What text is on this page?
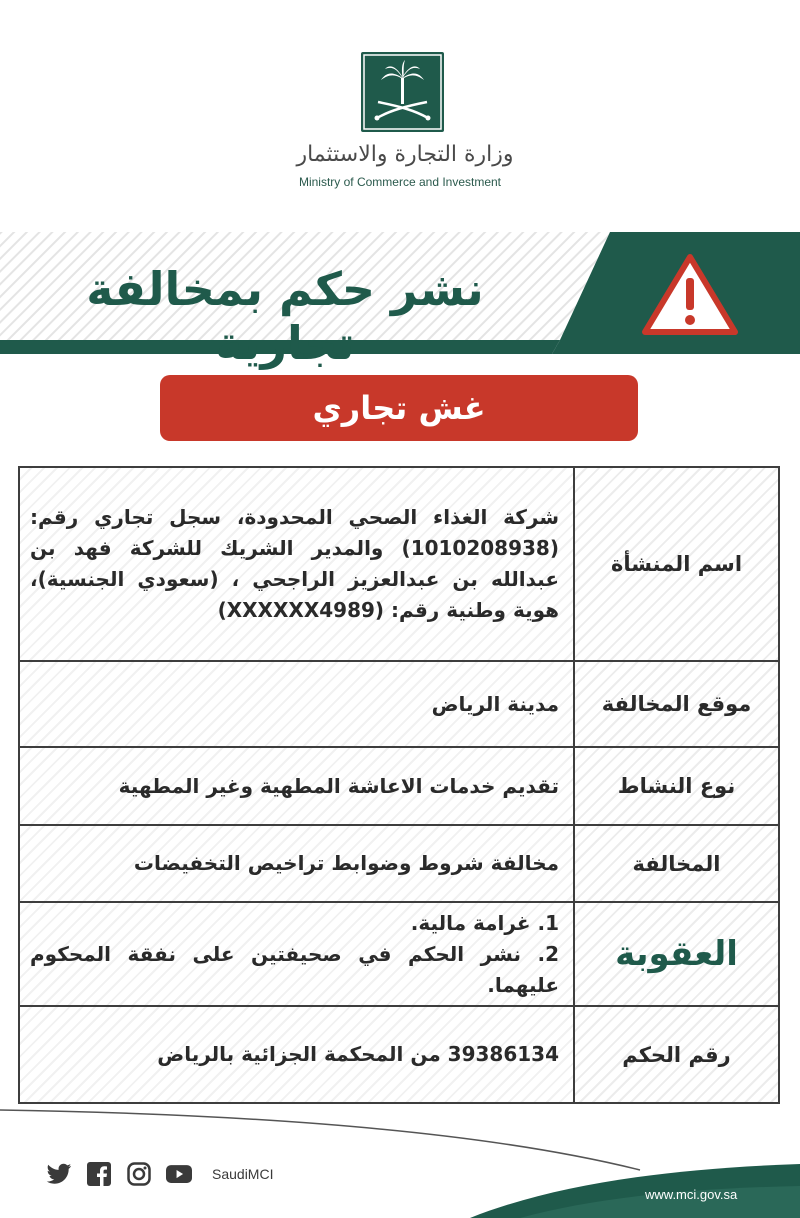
وزارة التجارة والاستثمار
Ministry of Commerce and Investment
نشر حكم بمخالفة تجارية
غش تجاري
اسم المنشأة
شركة الغذاء الصحي المحدودة، سجل تجاري رقم: (1010208938) والمدير الشريك للشركة فهد بن عبدالله بن عبدالعزيز الراجحي ، (سعودي الجنسية)، هوية وطنية رقم: (XXXXXX4989)
موقع المخالفة
مدينة الرياض
نوع النشاط
تقديم خدمات الاعاشة المطهية وغير المطهية
المخالفة
مخالفة شروط وضوابط تراخيص التخفيضات
العقوبة
1. غرامة مالية.
2. نشر الحكم في صحيفتين على نفقة المحكوم عليهما.
رقم الحكم
39386134 من المحكمة الجزائية بالرياض
SaudiMCI
www.mci.gov.sa
